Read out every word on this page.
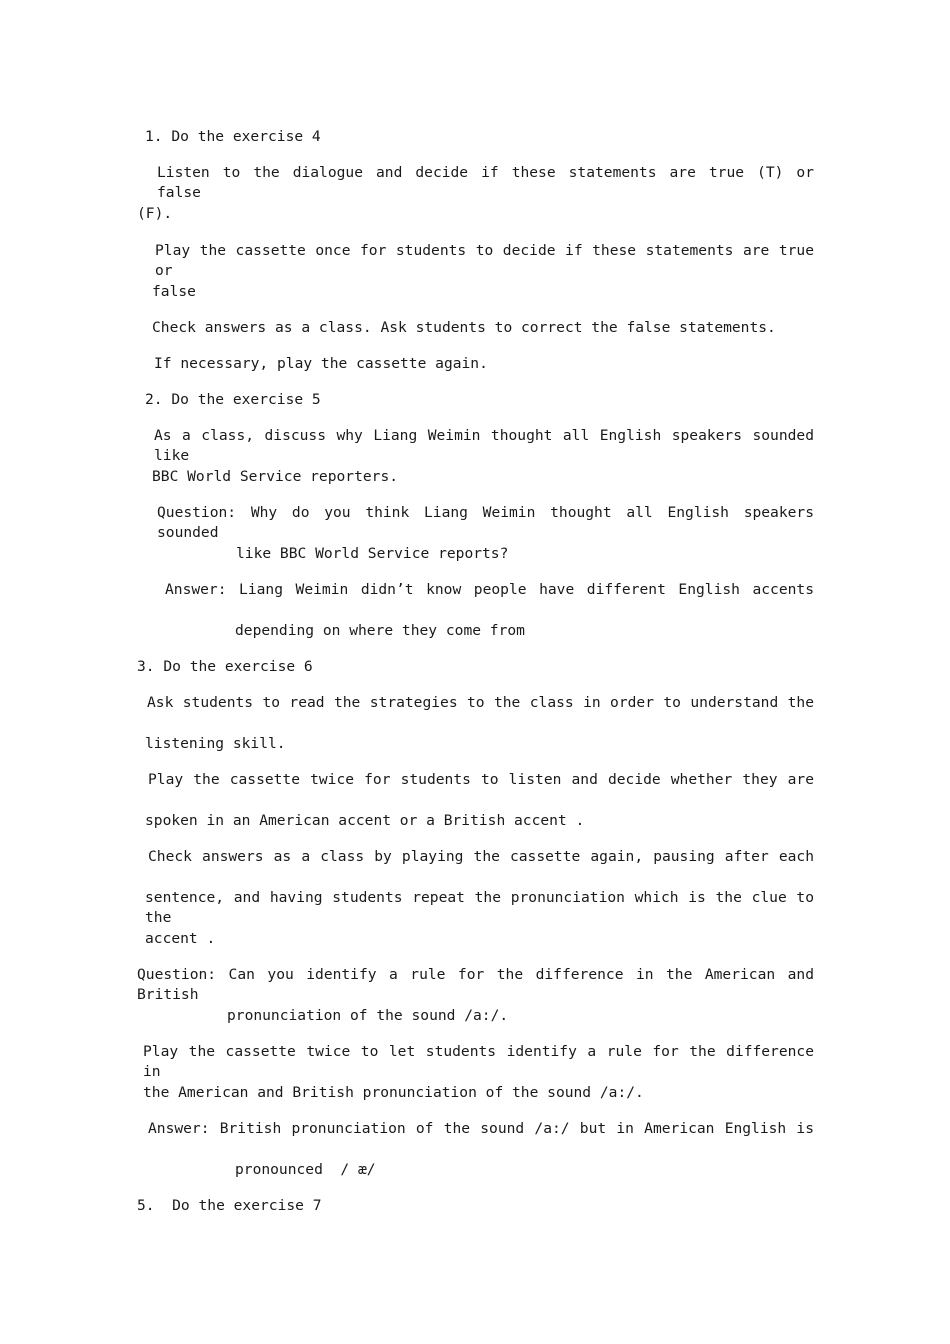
1. Do the exercise 4
Listen to the dialogue and decide if these statements are true (T) or false
(F).
Play the cassette once for students to decide if these statements are true or
false
Check answers as a class. Ask students to correct the false statements.
If necessary, play the cassette again.
2. Do the exercise 5
As a class, discuss why Liang Weimin thought all English speakers sounded like
BBC World Service reporters.
Question: Why do you think Liang Weimin thought all English speakers sounded
like BBC World Service reports?
Answer: Liang Weimin didn’t know people have different English accents
depending on where they come from
3. Do the exercise 6
Ask students to read the strategies to the class in order to understand the
listening skill.
Play the cassette twice for students to listen and decide whether they are
spoken in an American accent or a British accent .
Check answers as a class by playing the cassette again, pausing after each
sentence, and having students repeat the pronunciation which is the clue to the
accent .
Question: Can you identify a rule for the difference in the American and British
pronunciation of the sound /a:/.
Play the cassette twice to let students identify a rule for the difference in
the American and British pronunciation of the sound /a:/.
Answer: British pronunciation of the sound /a:/ but in American English is
pronounced  / æ/
5.  Do the exercise 7
